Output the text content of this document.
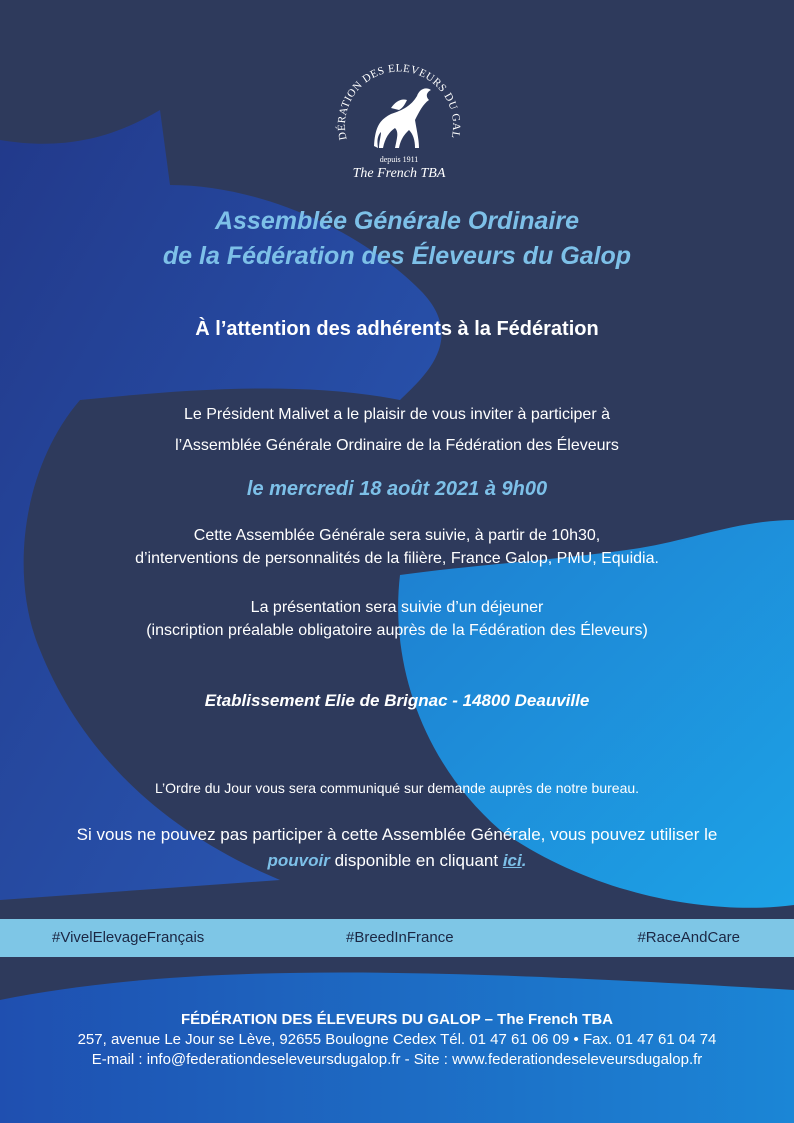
DÉRATION DES ELEVEURS DU GAL
depuis 1911
The French TBA
Assemblée Générale Ordinaire
de la Fédération des Éleveurs du Galop
À l’attention des adhérents à la Fédération
Le Président Malivet a le plaisir de vous inviter à participer à
l’Assemblée Générale Ordinaire de la Fédération des Éleveurs
le mercredi 18 août 2021 à 9h00
Cette Assemblée Générale sera suivie, à partir de 10h30,
d’interventions de personnalités de la filière, France Galop, PMU, Equidia.
La présentation sera suivie d’un déjeuner
(inscription préalable obligatoire auprès de la Fédération des Éleveurs)
Etablissement Elie de Brignac - 14800 Deauville
L’Ordre du Jour vous sera communiqué sur demande auprès de notre bureau.
Si vous ne pouvez pas participer à cette Assemblée Générale, vous pouvez utiliser le
pouvoir disponible en cliquant ici.
#VivelElevageFrançais	#BreedInFrance	#RaceAndCare
FÉDÉRATION DES ÉLEVEURS DU GALOP – The French TBA
257, avenue Le Jour se Lève, 92655 Boulogne Cedex Tél. 01 47 61 06 09 • Fax. 01 47 61 04 74
E-mail : info@federationdeseleveursdugalop.fr - Site : www.federationdeseleveursdugalop.fr
